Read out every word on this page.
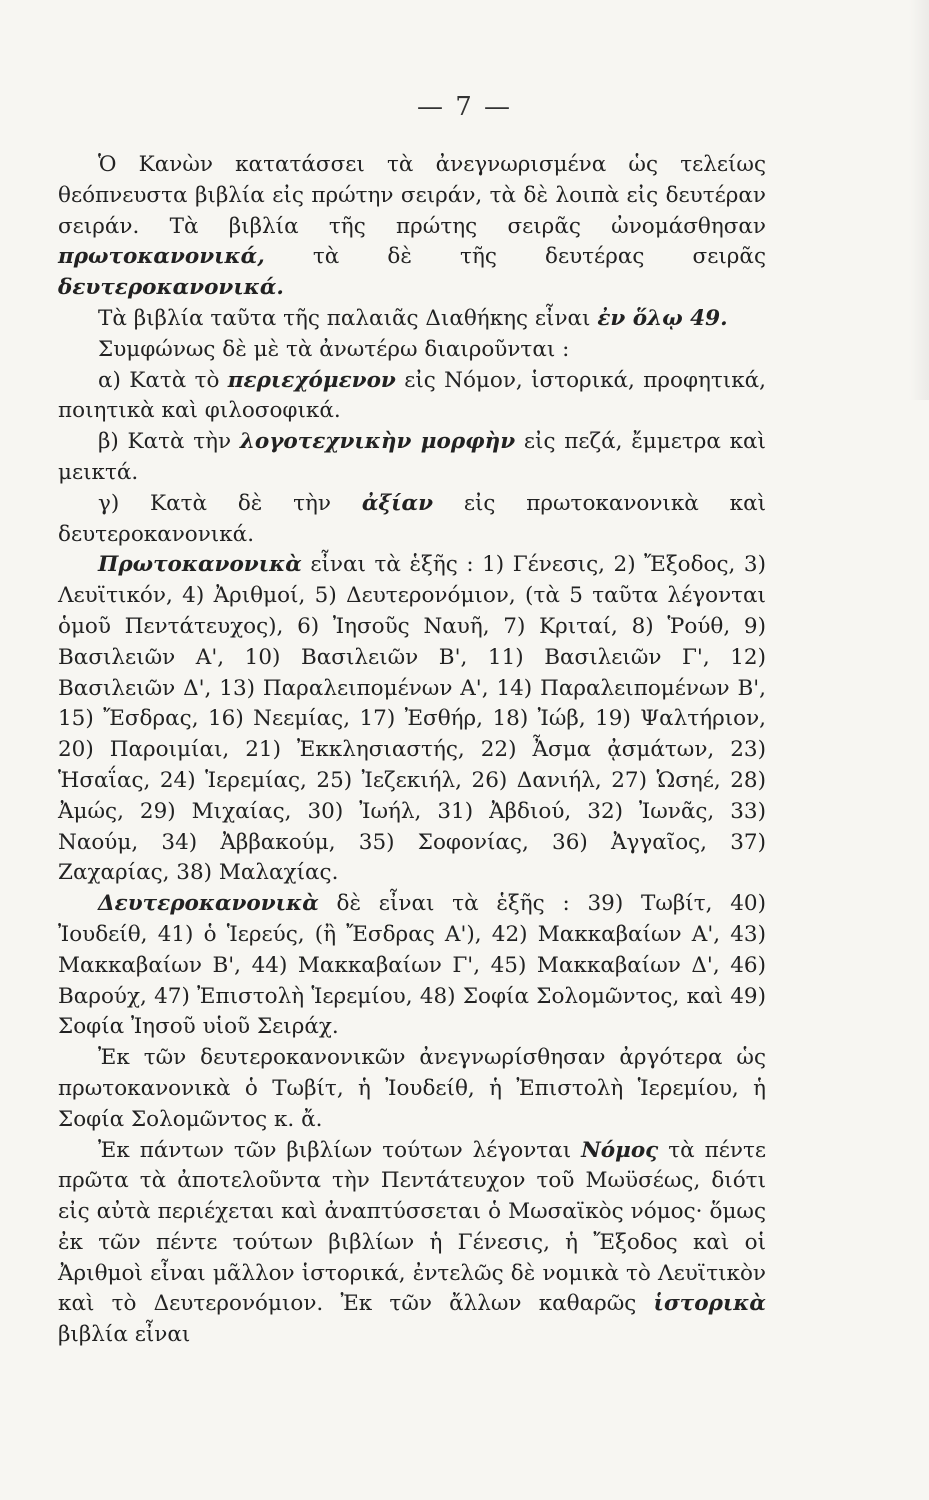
— 7 —

Ὁ Κανὼν κατατάσσει τὰ ἀνεγνωρισμένα ὡς τελείως θεόπνευστα βιβλία εἰς πρώτην σειράν, τὰ δὲ λοιπὰ εἰς δευτέραν σειράν. Τὰ βιβλία τῆς πρώτης σειρᾶς ὠνομάσθησαν πρωτοκανονικά, τὰ δὲ τῆς δευτέρας σειρᾶς δευτεροκανονικά.

Τὰ βιβλία ταῦτα τῆς παλαιᾶς Διαθήκης εἶναι ἐν ὅλῳ 49.

Συμφώνως δὲ μὲ τὰ ἀνωτέρω διαιροῦνται :

α) Κατὰ τὸ περιεχόμενον εἰς Νόμον, ἱστορικά, προφητικά, ποιητικὰ καὶ φιλοσοφικά.

β) Κατὰ τὴν λογοτεχνικὴν μορφὴν εἰς πεζά, ἔμμετρα καὶ μεικτά.

γ) Κατὰ δὲ τὴν ἀξίαν εἰς πρωτοκανονικὰ καὶ δευτεροκανονικά.

Πρωτοκανονικὰ εἶναι τὰ ἑξῆς : 1) Γένεσις, 2) Ἔξοδος, 3) Λευϊτικόν, 4) Ἀριθμοί, 5) Δευτερονόμιον, (τὰ 5 ταῦτα λέγονται ὁμοῦ Πεντάτευχος), 6) Ἰησοῦς Ναυῆ, 7) Κριταί, 8) Ῥούθ, 9) Βασιλειῶν Α', 10) Βασιλειῶν Β', 11) Βασιλειῶν Γ', 12) Βασιλειῶν Δ', 13) Παραλειπομένων Α', 14) Παραλειπομένων Β', 15) Ἔσδρας, 16) Νεεμίας, 17) Ἐσθήρ, 18) Ἰώβ, 19) Ψαλτήριον, 20) Παροιμίαι, 21) Ἐκκλησιαστής, 22) Ἆσμα ᾀσμάτων, 23) Ἡσαΐας, 24) Ἱερεμίας, 25) Ἰεζεκιήλ, 26) Δανιήλ, 27) Ὡσηέ, 28) Ἀμώς, 29) Μιχαίας, 30) Ἰωήλ, 31) Ἀβδιού, 32) Ἰωνᾶς, 33) Ναούμ, 34) Ἀββακούμ, 35) Σοφονίας, 36) Ἀγγαῖος, 37) Ζαχαρίας, 38) Μαλαχίας.

Δευτεροκανονικὰ δὲ εἶναι τὰ ἑξῆς : 39) Τωβίτ, 40) Ἰουδείθ, 41) ὁ Ἱερεύς, (ἢ Ἔσδρας Α'), 42) Μακκαβαίων Α', 43) Μακκαβαίων Β', 44) Μακκαβαίων Γ', 45) Μακκαβαίων Δ', 46) Βαρούχ, 47) Ἐπιστολὴ Ἱερεμίου, 48) Σοφία Σολομῶντος, καὶ 49) Σοφία Ἰησοῦ υἱοῦ Σειράχ.

Ἐκ τῶν δευτεροκανονικῶν ἀνεγνωρίσθησαν ἀργότερα ὡς πρωτοκανονικὰ ὁ Τωβίτ, ἡ Ἰουδείθ, ἡ Ἐπιστολὴ Ἱερεμίου, ἡ Σοφία Σολομῶντος κ. ἄ.

Ἐκ πάντων τῶν βιβλίων τούτων λέγονται Νόμος τὰ πέντε πρῶτα τὰ ἀποτελοῦντα τὴν Πεντάτευχον τοῦ Μωϋσέως, διότι εἰς αὐτὰ περιέχεται καὶ ἀναπτύσσεται ὁ Μωσαϊκὸς νόμος· ὅμως ἐκ τῶν πέντε τούτων βιβλίων ἡ Γένεσις, ἡ Ἔξοδος καὶ οἱ Ἀριθμοὶ εἶναι μᾶλλον ἱστορικά, ἐντελῶς δὲ νομικὰ τὸ Λευϊτικὸν καὶ τὸ Δευτερονόμιον. Ἐκ τῶν ἄλλων καθαρῶς ἱστορικὰ βιβλία εἶναι
